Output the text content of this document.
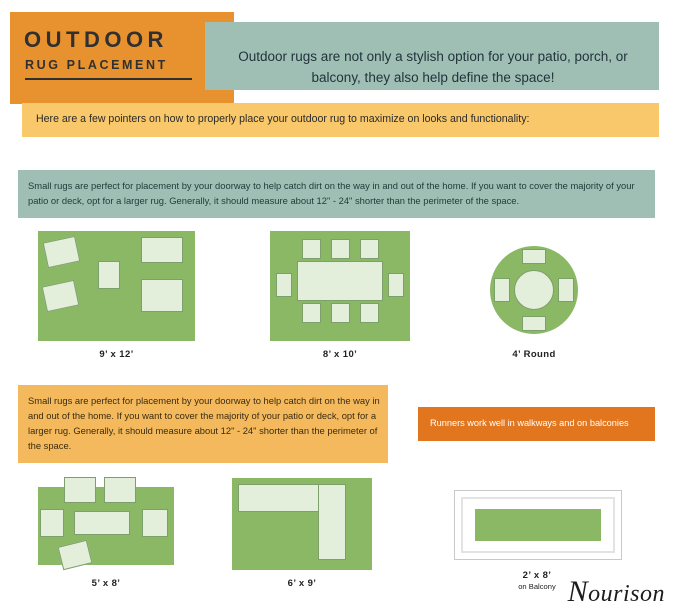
OUTDOOR
RUG PLACEMENT
Outdoor rugs are not only a stylish option for your patio, porch, or balcony, they also help define the space!
Here are a few pointers on how to properly place your outdoor rug to maximize on looks and functionality:
Small rugs are perfect for placement by your doorway to help catch dirt on the way in and out of the home. If you want to cover the majority of your patio or deck, opt for a larger rug. Generally, it should measure about 12" - 24" shorter than the perimeter of the space.
9’ x 12’	8’ x 10’	4’ Round
Small rugs are perfect for placement by your doorway to help catch dirt on the way in and out of the home. If you want to cover the majority of your patio or deck, opt for a larger rug. Generally, it should measure about 12" - 24" shorter than the perimeter of the space.
Runners work well in walkways and on balconies
5’ x 8’	6’ x 9’
2’ x 8’
on Balcony Nourison
